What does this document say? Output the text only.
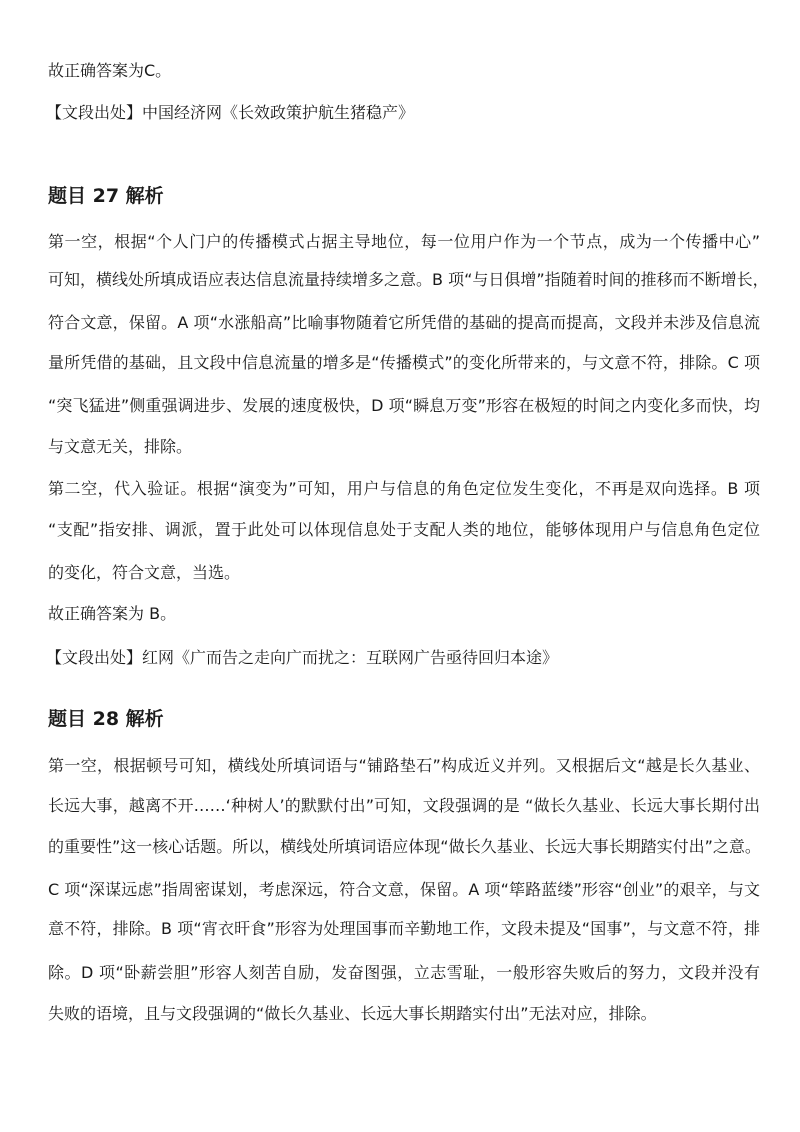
故正确答案为C。
【文段出处】中国经济网《长效政策护航生猪稳产》
题目 27 解析
第一空，根据“个人门户的传播模式占据主导地位，每一位用户作为一个节点，成为一个传播中心”
可知，横线处所填成语应表达信息流量持续增多之意。B 项“与日俱增”指随着时间的推移而不断增长，
符合文意，保留。A 项“水涨船高”比喻事物随着它所凭借的基础的提高而提高，文段并未涉及信息流
量所凭借的基础，且文段中信息流量的增多是“传播模式”的变化所带来的，与文意不符，排除。C 项
“突飞猛进”侧重强调进步、发展的速度极快，D 项“瞬息万变”形容在极短的时间之内变化多而快，均
与文意无关，排除。
第二空，代入验证。根据“演变为”可知，用户与信息的角色定位发生变化，不再是双向选择。B 项
“支配”指安排、调派，置于此处可以体现信息处于支配人类的地位，能够体现用户与信息角色定位
的变化，符合文意，当选。
故正确答案为 B。
【文段出处】红网《广而告之走向广而扰之：互联网广告亟待回归本途》
题目 28 解析
第一空，根据顿号可知，横线处所填词语与“铺路垫石”构成近义并列。又根据后文“越是长久基业、
长远大事，越离不开……‘种树人’的默默付出”可知，文段强调的是 “做长久基业、长远大事长期付出
的重要性”这一核心话题。所以，横线处所填词语应体现“做长久基业、长远大事长期踏实付出”之意。
C 项“深谋远虑”指周密谋划，考虑深远，符合文意，保留。A 项“筚路蓝缕”形容“创业”的艰辛，与文
意不符，排除。B 项“宵衣旰食”形容为处理国事而辛勤地工作，文段未提及“国事”，与文意不符，排
除。D 项“卧薪尝胆”形容人刻苦自励，发奋图强，立志雪耻，一般形容失败后的努力，文段并没有
失败的语境，且与文段强调的“做长久基业、长远大事长期踏实付出”无法对应，排除。
